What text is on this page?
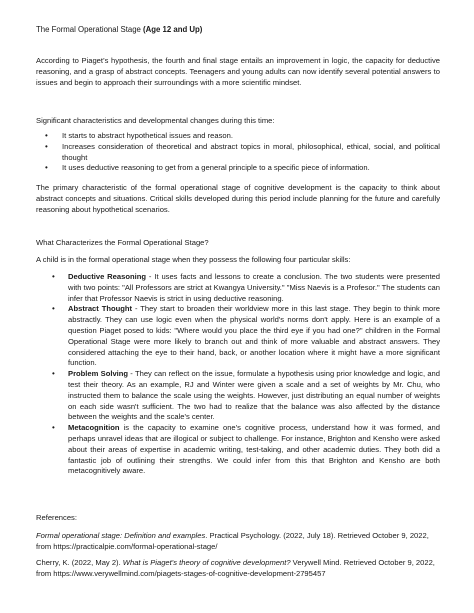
The Formal Operational Stage (Age 12 and Up)

According to Piaget’s hypothesis, the fourth and final stage entails an improvement in logic, the capacity for deductive reasoning, and a grasp of abstract concepts. Teenagers and young adults can now identify several potential answers to issues and begin to approach their surroundings with a more scientific mindset.

Significant characteristics and developmental changes during this time:

• It starts to abstract hypothetical issues and reason.
• Increases consideration of theoretical and abstract topics in moral, philosophical, ethical, social, and political thought
• It uses deductive reasoning to get from a general principle to a specific piece of information.

The primary characteristic of the formal operational stage of cognitive development is the capacity to think about abstract concepts and situations. Critical skills developed during this period include planning for the future and carefully reasoning about hypothetical scenarios.

What Characterizes the Formal Operational Stage?

A child is in the formal operational stage when they possess the following four particular skills:

• Deductive Reasoning - It uses facts and lessons to create a conclusion. The two students were presented with two points: "All Professors are strict at Kwangya University." "Miss Naevis is a Profesor." The students can infer that Professor Naevis is strict in using deductive reasoning.
• Abstract Thought - They start to broaden their worldview more in this last stage. They begin to think more abstractly. They can use logic even when the physical world's norms don't apply. Here is an example of a question Piaget posed to kids: "Where would you place the third eye if you had one?" children in the Formal Operational Stage were more likely to branch out and think of more valuable and abstract answers. They considered attaching the eye to their hand, back, or another location where it might have a more significant function.
• Problem Solving - They can reflect on the issue, formulate a hypothesis using prior knowledge and logic, and test their theory. As an example, RJ and Winter were given a scale and a set of weights by Mr. Chu, who instructed them to balance the scale using the weights. However, just distributing an equal number of weights on each side wasn't sufficient. The two had to realize that the balance was also affected by the distance between the weights and the scale's center.
• Metacognition is the capacity to examine one's cognitive process, understand how it was formed, and perhaps unravel ideas that are illogical or subject to challenge. For instance, Brighton and Kensho were asked about their areas of expertise in academic writing, test-taking, and other academic duties. They both did a fantastic job of outlining their strengths. We could infer from this that Brighton and Kensho are both metacognitively aware.

References:

Formal operational stage: Definition and examples. Practical Psychology. (2022, July 18). Retrieved October 9, 2022, from https://practicalpie.com/formal-operational-stage/

Cherry, K. (2022, May 2). What is Piaget's theory of cognitive development? Verywell Mind. Retrieved October 9, 2022, from https://www.verywellmind.com/piagets-stages-of-cognitive-development-2795457
